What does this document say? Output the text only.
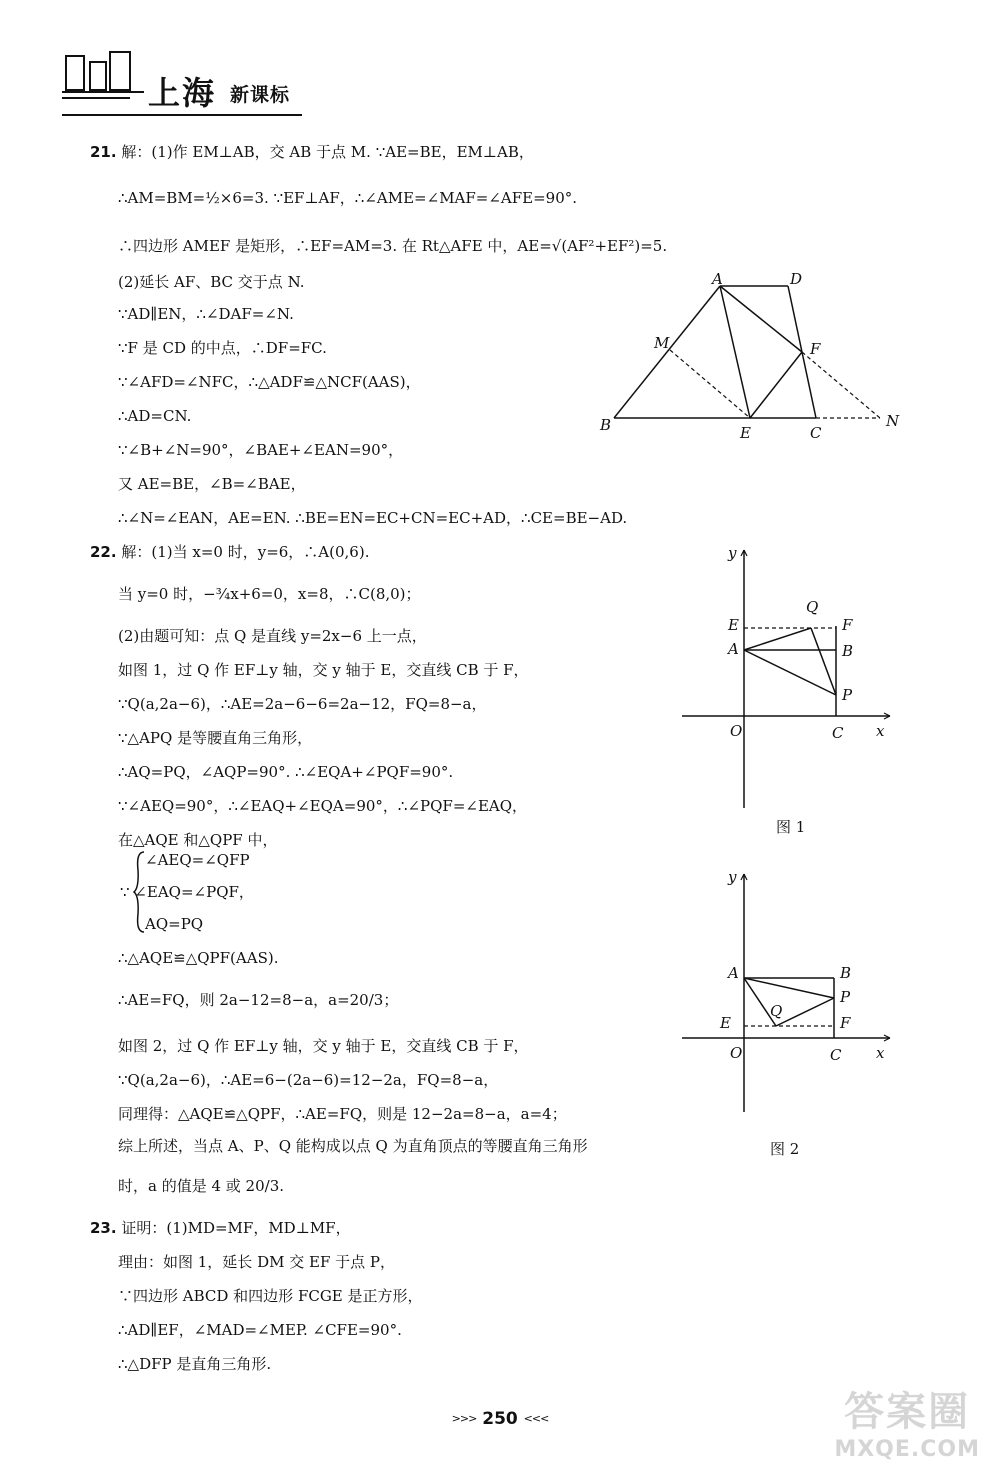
上海 新课标
21. 解：(1)作 EM⊥AB，交 AB 于点 M. ∵AE=BE，EM⊥AB，
∴AM=BM=½×6=3. ∵EF⊥AF，∴∠AME=∠MAF=∠AFE=90°.
∴四边形 AMEF 是矩形，∴EF=AM=3. 在 Rt△AFE 中，AE=√(AF²+EF²)=5.
(2)延长 AF、BC 交于点 N.
∵AD∥EN，∴∠DAF=∠N.
∵F 是 CD 的中点，∴DF=FC.
∵∠AFD=∠NFC，∴△ADF≌△NCF(AAS)，
∴AD=CN.
∵∠B+∠N=90°，∠BAE+∠EAN=90°，
又 AE=BE，∠B=∠BAE，
∴∠N=∠EAN，AE=EN. ∴BE=EN=EC+CN=EC+AD，∴CE=BE−AD.
22. 解：(1)当 x=0 时，y=6，∴A(0,6).
当 y=0 时，−¾x+6=0，x=8，∴C(8,0)；
(2)由题可知：点 Q 是直线 y=2x−6 上一点，
如图 1，过 Q 作 EF⊥y 轴，交 y 轴于 E，交直线 CB 于 F，
∵Q(a,2a−6)，∴AE=2a−6−6=2a−12，FQ=8−a，
∵△APQ 是等腰直角三角形，
∴AQ=PQ，∠AQP=90°. ∴∠EQA+∠PQF=90°.
∵∠AEQ=90°，∴∠EAQ+∠EQA=90°，∴∠PQF=∠EAQ，
在△AQE 和△QPF 中，
∠AEQ=∠QFP
∵ ∠EAQ=∠PQF，
AQ=PQ
∴△AQE≌△QPF(AAS).
∴AE=FQ，则 2a−12=8−a，a=20/3；
如图 2，过 Q 作 EF⊥y 轴，交 y 轴于 E，交直线 CB 于 F，
∵Q(a,2a−6)，∴AE=6−(2a−6)=12−2a，FQ=8−a，
同理得：△AQE≌△QPF，∴AE=FQ，则是 12−2a=8−a，a=4；
综上所述，当点 A、P、Q 能构成以点 Q 为直角顶点的等腰直角三角形
时，a 的值是 4 或 20/3.
23. 证明：(1)MD=MF，MD⊥MF，
理由：如图 1，延长 DM 交 EF 于点 P，
∵四边形 ABCD 和四边形 FCGE 是正方形，
∴AD∥EF，∠MAD=∠MEP. ∠CFE=90°.
∴△DFP 是直角三角形.
A	D
M	F
B	E	C
N
y
x
O
E
A
Q
F
B
P
C
图 1
y
x
O
A	B
P
Q
E	F
C
图 2
>>> 250 <<<	答案圈
MXQE.COM
